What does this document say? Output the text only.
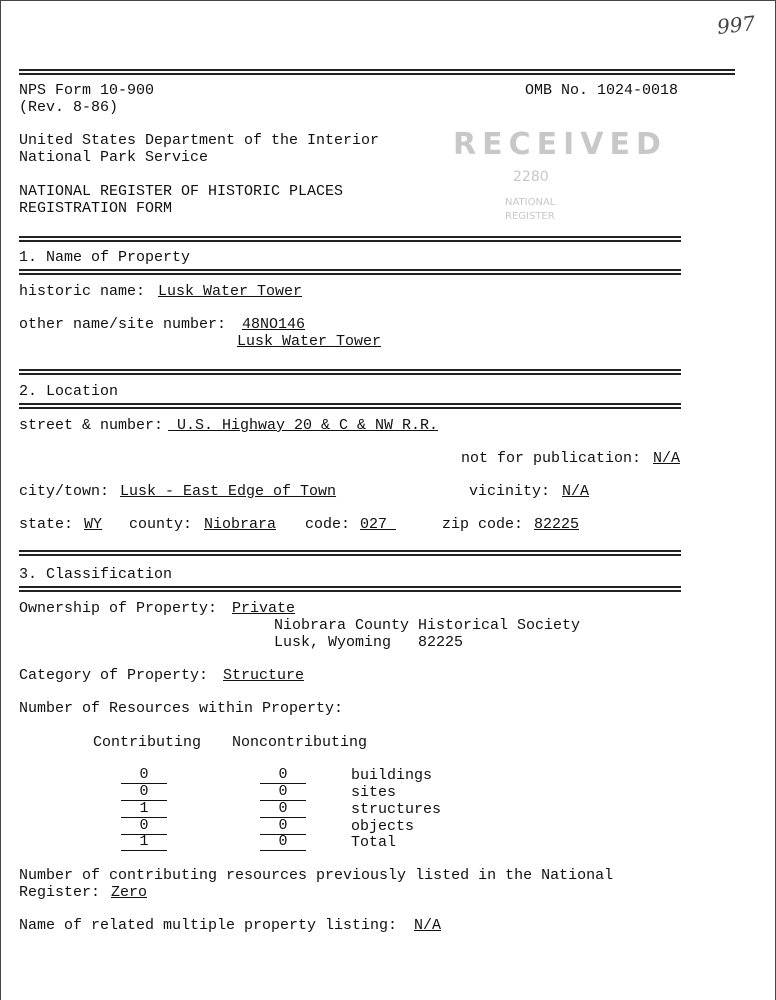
997
NPS Form 10-900	OMB No. 1024-0018
(Rev. 8-86)
United States Department of the Interior
National Park Service
NATIONAL REGISTER OF HISTORIC PLACES
REGISTRATION FORM
RECEIVED
2280
NATIONAL
REGISTER
1. Name of Property
historic name: Lusk Water Tower
other name/site number: 48NO146
Lusk Water Tower
2. Location
street & number: U.S. Highway 20 & C & NW R.R.
not for publication: N/A
city/town: Lusk - East Edge of Town	vicinity: N/A
state: WY county: Niobrara code: 027	zip code: 82225
3. Classification
Ownership of Property: Private
Niobrara County Historical Society
Lusk, Wyoming   82225
Category of Property: Structure
Number of Resources within Property:
Contributing Noncontributing
0	0	buildings
0	0	sites
1	0	structures
0	0	objects
1	0	Total
Number of contributing resources previously listed in the National
Register: Zero
Name of related multiple property listing: N/A
